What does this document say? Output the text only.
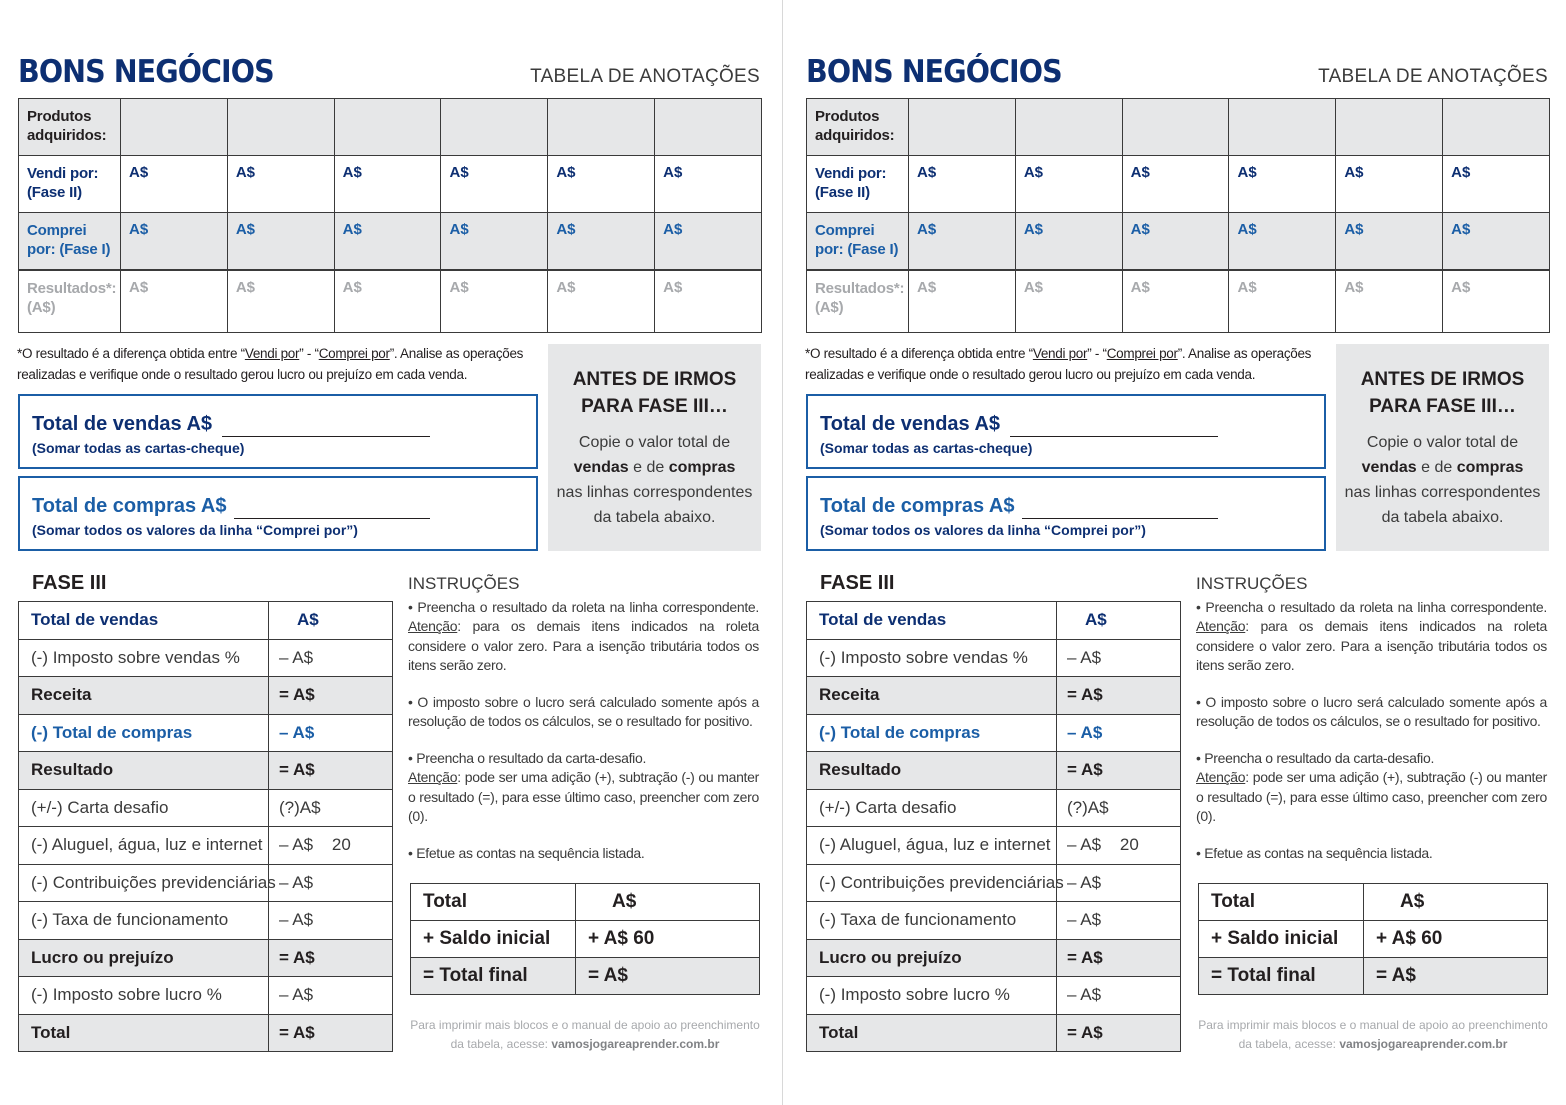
BONS NEGÓCIOS	TABELA DE ANOTAÇÕES
Produtos adquiridos:						

Vendi por: (Fase II)	A$	A$	A$	A$	A$	A$

Comprei por: (Fase I)	A$	A$	A$	A$	A$	A$

Resultados*: (A$)	A$	A$	A$	A$	A$	A$
*O resultado é a diferença obtida entre “Vendi por” - “Comprei por”. Analise as operações realizadas e verifique onde o resultado gerou lucro ou prejuízo em cada venda.
Total de vendas A$
(Somar todas as cartas-cheque)
Total de compras A$
(Somar todos os valores da linha “Comprei por”)
ANTES DE IRMOS
PARA FASE III…
Copie o valor total de
vendas e de compras
nas linhas correspondentes
da tabela abaixo.
FASE III
Total de vendas	A$
(-) Imposto sobre vendas %	– A$
Receita	= A$
(-) Total de compras	– A$
Resultado	= A$
(+/-) Carta desafio	(?)A$
(-) Aluguel, água, luz e internet	– A$    20
(-) Contribuições previdenciárias	– A$
(-) Taxa de funcionamento	– A$
Lucro ou prejuízo	= A$
(-) Imposto sobre lucro %	– A$
Total	= A$
INSTRUÇÕES

• Preencha o resultado da roleta na linha correspondente. Atenção: para os demais itens indicados na roleta considere o valor zero. Para a isenção tributária todos os itens serão zero.

• O imposto sobre o lucro será calculado somente após a resolução de todos os cálculos, se o resultado for positivo.

• Preencha o resultado da carta-desafio.
Atenção: pode ser uma adição (+), subtração (-) ou manter o resultado (=), para esse último caso, preencher com zero (0).

• Efetue as contas na sequência listada.

Total	A$
+ Saldo inicial	+ A$ 60
= Total final	= A$
Para imprimir mais blocos e o manual de apoio ao preenchimento da tabela, acesse: vamosjogareaprender.com.br
BONS NEGÓCIOS	TABELA DE ANOTAÇÕES
Produtos adquiridos:						

Vendi por: (Fase II)	A$	A$	A$	A$	A$	A$

Comprei por: (Fase I)	A$	A$	A$	A$	A$	A$

Resultados*: (A$)	A$	A$	A$	A$	A$	A$
*O resultado é a diferença obtida entre “Vendi por” - “Comprei por”. Analise as operações realizadas e verifique onde o resultado gerou lucro ou prejuízo em cada venda.
Total de vendas A$
(Somar todas as cartas-cheque)
Total de compras A$
(Somar todos os valores da linha “Comprei por”)
ANTES DE IRMOS
PARA FASE III…
Copie o valor total de
vendas e de compras
nas linhas correspondentes
da tabela abaixo.
FASE III
Total de vendas	A$
(-) Imposto sobre vendas %	– A$
Receita	= A$
(-) Total de compras	– A$
Resultado	= A$
(+/-) Carta desafio	(?)A$
(-) Aluguel, água, luz e internet	– A$    20
(-) Contribuições previdenciárias	– A$
(-) Taxa de funcionamento	– A$
Lucro ou prejuízo	= A$
(-) Imposto sobre lucro %	– A$
Total	= A$
INSTRUÇÕES

• Preencha o resultado da roleta na linha correspondente. Atenção: para os demais itens indicados na roleta considere o valor zero. Para a isenção tributária todos os itens serão zero.

• O imposto sobre o lucro será calculado somente após a resolução de todos os cálculos, se o resultado for positivo.

• Preencha o resultado da carta-desafio.
Atenção: pode ser uma adição (+), subtração (-) ou manter o resultado (=), para esse último caso, preencher com zero (0).

• Efetue as contas na sequência listada.

Total	A$
+ Saldo inicial	+ A$ 60
= Total final	= A$
Para imprimir mais blocos e o manual de apoio ao preenchimento da tabela, acesse: vamosjogareaprender.com.br
